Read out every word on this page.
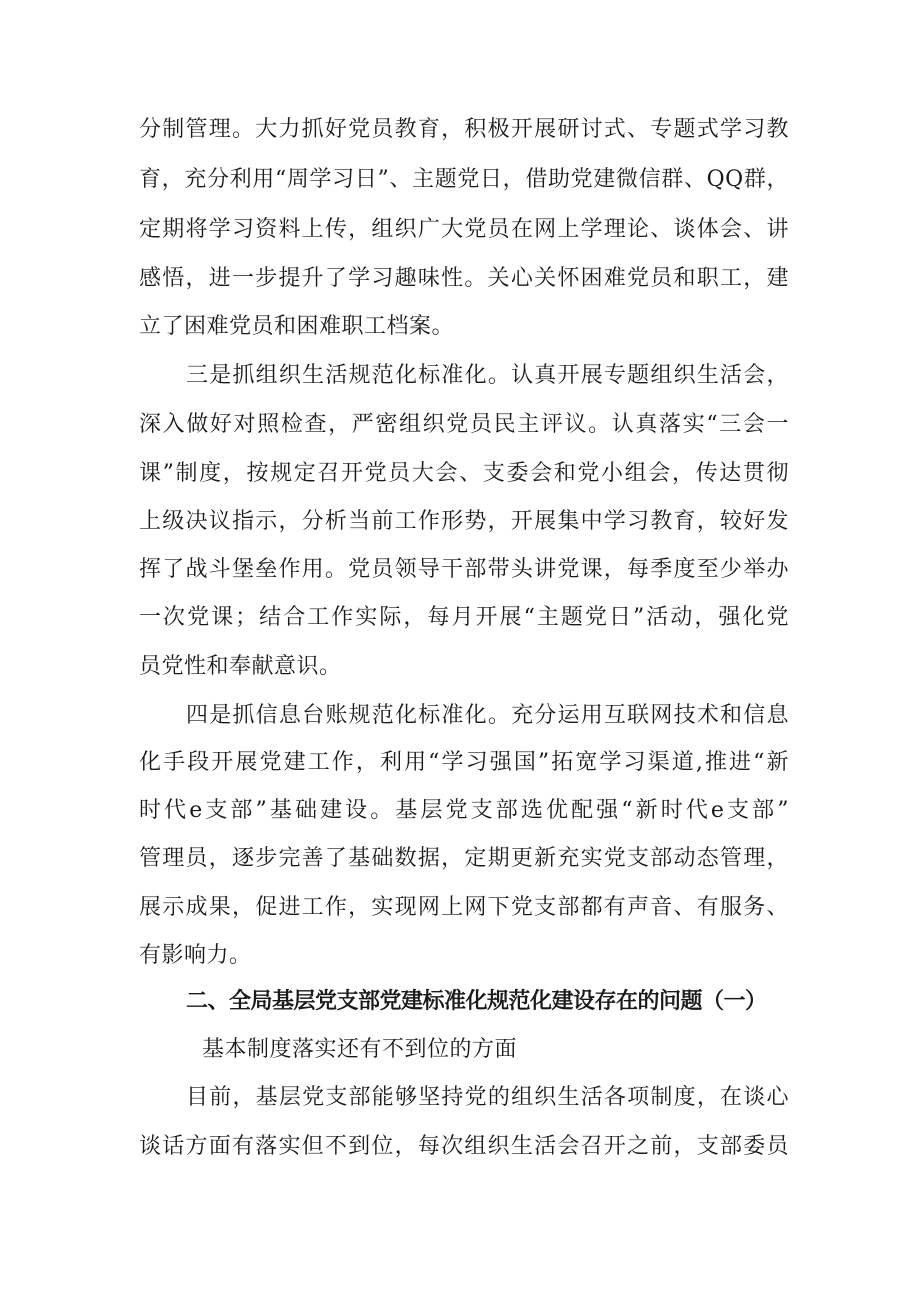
分制管理。大力抓好党员教育，积极开展研讨式、专题式学习教
育，充分利用“周学习日”、主题党日，借助党建微信群、QQ群，
定期将学习资料上传，组织广大党员在网上学理论、谈体会、讲
感悟，进一步提升了学习趣味性。关心关怀困难党员和职工，建
立了困难党员和困难职工档案。
三是抓组织生活规范化标准化。认真开展专题组织生活会，
深入做好对照检查，严密组织党员民主评议。认真落实“三会一
课”制度，按规定召开党员大会、支委会和党小组会，传达贯彻
上级决议指示，分析当前工作形势，开展集中学习教育，较好发
挥了战斗堡垒作用。党员领导干部带头讲党课，每季度至少举办
一次党课；结合工作实际，每月开展“主题党日”活动，强化党
员党性和奉献意识。
四是抓信息台账规范化标准化。充分运用互联网技术和信息
化手段开展党建工作，利用“学习强国”拓宽学习渠道,推进“新
时代e支部”基础建设。基层党支部选优配强“新时代e支部”
管理员，逐步完善了基础数据，定期更新充实党支部动态管理，
展示成果，促进工作，实现网上网下党支部都有声音、有服务、
有影响力。
二、全局基层党支部党建标准化规范化建设存在的问题（一）
基本制度落实还有不到位的方面
目前，基层党支部能够坚持党的组织生活各项制度，在谈心
谈话方面有落实但不到位，每次组织生活会召开之前，支部委员
